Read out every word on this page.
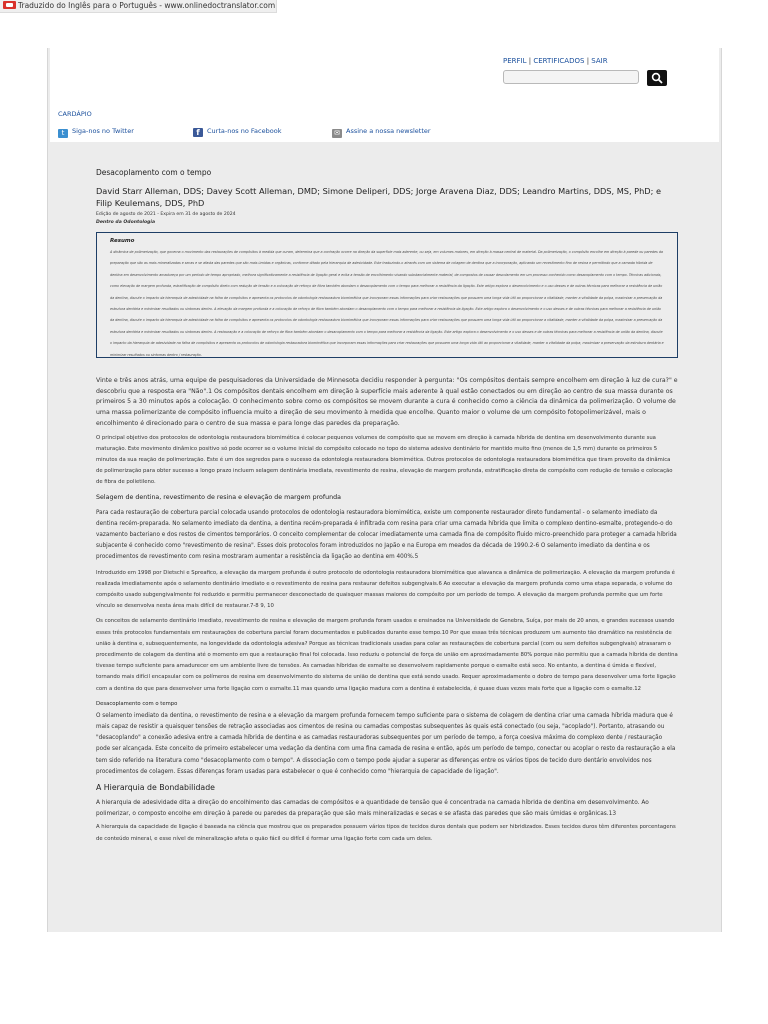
Traduzido do Inglês para o Português - www.onlinedoctranslator.com
PERFIL | CERTIFICADOS | SAIR
CARDÁPIO
t Siga-nos no Twitter	f Curta-nos no Facebook	✉ Assine a nossa newsletter
Desacoplamento com o tempo
David Starr Alleman, DDS; Davey Scott Alleman, DMD; Simone Deliperi, DDS; Jorge Aravena Diaz, DDS; Leandro Martins, DDS, MS, PhD; e Filip Keulemans, DDS, PhD
Edição de agosto de 2021 - Expira em 31 de agosto de 2024
Dentro da Odontologia
Resumo

A dinâmica de polimerização, que governa o movimento das restaurações de compósitos à medida que curam, determina que a contração ocorre na direção da superfície mais aderente, ou seja, em volumes maiores, em direção à massa central de material. Da polimerização, o compósito encolhe em direção à parede ou paredes da preparação que são as mais mineralizadas e secas e se afasta das paredes que são mais úmidas e orgânicas, conforme ditado pela hierarquia de adesividade. Este traduzindo-o através com um sistema de colagem de dentina que a incorporação, aplicando um revestimento fino de resina e permitindo que a camada híbrida de dentina em desenvolvimento amadureça por um período de tempo apropriado, melhora significativamente a resistência de ligação geral e evita a tensão de encolhimento visando substancialmente material, de compostos de causar descolamento em um processo conhecido como desacoplamento com o tempo. Técnicas adicionais, como elevação de margem profunda, estratificação de compósito direto com redução de tensão e a colocação de reforço de fibra também abordam o desacoplamento com o tempo para melhorar a resistência da ligação. Este artigo explora o desenvolvimento e o uso desses e de outras técnicas para melhorar a resistência de união da dentina, discute o impacto da hierarquia de adesividade na falha de compósitos e apresenta os protocolos de odontologia restauradora biomimética que incorporam essas informações para criar restaurações que possuem uma longa vida útil ao proporcionar a vitalidade, manter a vitalidade da polpa, maximizar a preservação da estrutura dentária e minimizar resultados ou sintomas dentro. A elevação da margem profunda e a colocação de reforço de fibra também abordam o desacoplamento com o tempo para melhorar a resistência da ligação. Este artigo explora o desenvolvimento e o uso desses e de outras técnicas para melhorar a resistência de união da dentina, discute o impacto da hierarquia de adesividade na falha de compósitos e apresenta os protocolos de odontologia restauradora biomimética que incorporam essas informações para criar restaurações que possuem uma longa vida útil ao proporcionar a vitalidade, manter a vitalidade da polpa, maximizar a preservação da estrutura dentária e minimizar resultados ou sintomas dentro. A restauração e a colocação de reforço de fibra também abordam o desacoplamento com o tempo para melhorar a resistência da ligação. Este artigo explora o desenvolvimento e o uso desses e de outras técnicas para melhorar a resistência de união da dentina, discute o impacto da hierarquia de adesividade na falha de compósitos e apresenta os protocolos de odontologia restauradora biomimética que incorporam essas informações para criar restaurações que possuem uma longa vida útil ao proporcionar a vitalidade, manter a vitalidade da polpa, maximizar a preservação da estrutura dentária e minimizar resultados ou sintomas dentro / restauração.

Vinte e três anos atrás, uma equipe de pesquisadores da Universidade de Minnesota decidiu responder à pergunta: "Os compósitos dentais sempre encolhem em direção à luz de cura?" e descobriu que a resposta era "Não".1 Os compósitos dentais encolhem em direção à superfície mais aderente à qual estão conectados ou em direção ao centro de sua massa durante os primeiros 5 a 30 minutos após a colocação. O conhecimento sobre como os compósitos se movem durante a cura é conhecido como a ciência da dinâmica da polimerização. O volume de uma massa polimerizante de compósito influencia muito a direção de seu movimento à medida que encolhe. Quanto maior o volume de um compósito fotopolimerizável, mais o encolhimento é direcionado para o centro de sua massa e para longe das paredes da preparação.

O principal objetivo dos protocolos de odontologia restauradora biomimética é colocar pequenos volumes de compósito que se movem em direção à camada híbrida de dentina em desenvolvimento durante sua maturação. Este movimento dinâmico positivo só pode ocorrer se o volume inicial do compósito colocado no topo do sistema adesivo dentinário for mantido muito fino (menos de 1,5 mm) durante os primeiros 5 minutos da sua reação de polimerização. Este é um dos segredos para o sucesso da odontologia restauradora biomimética. Outros protocolos de odontologia restauradora biomimética que tiram proveito da dinâmica de polimerização para obter sucesso a longo prazo incluem selagem dentinária imediata, revestimento de resina, elevação de margem profunda, estratificação direta de compósito com redução de tensão e colocação de fibra de polietileno.

Selagem de dentina, revestimento de resina e elevação de margem profunda

Para cada restauração de cobertura parcial colocada usando protocolos de odontologia restauradora biomimética, existe um componente restaurador direto fundamental - o selamento imediato da dentina recém-preparada. No selamento imediato da dentina, a dentina recém-preparada é infiltrada com resina para criar uma camada híbrida que limita o complexo dentino-esmalte, protegendo-o do vazamento bacteriano e dos restos de cimentos temporários. O conceito complementar de colocar imediatamente uma camada fina de compósito fluido micro-preenchido para proteger a camada híbrida subjacente é conhecido como "revestimento de resina". Esses dois protocolos foram introduzidos no Japão e na Europa em meados da década de 1990.2-6 O selamento imediato da dentina e os procedimentos de revestimento com resina mostraram aumentar a resistência da ligação ao dentina em 400%.5

Introduzido em 1998 por Dietschi e Spreafico, a elevação da margem profunda é outro protocolo de odontologia restauradora biomimética que alavanca a dinâmica de polimerização. A elevação da margem profunda é realizada imediatamente após o selamento dentinário imediato e o revestimento de resina para restaurar defeitos subgengivais.6 Ao executar a elevação da margem profunda como uma etapa separada, o volume do compósito usado subgengivalmente foi reduzido e permitiu permanecer desconectado de quaisquer massas maiores do compósito por um período de tempo. A elevação da margem profunda permite que um forte vínculo se desenvolva nesta área mais difícil de restaurar.7-8 9, 10

Os conceitos de selamento dentinário imediato, revestimento de resina e elevação de margem profunda foram usados e ensinados na Universidade de Genebra, Suíça, por mais de 20 anos, e grandes sucessos usando esses três protocolos fundamentais em restaurações de cobertura parcial foram documentados e publicados durante esse tempo.10 Por que essas três técnicas produzem um aumento tão dramático na resistência de união à dentina e, subsequentemente, na longevidade da odontologia adesiva? Porque as técnicas tradicionais usadas para colar as restaurações de cobertura parcial (com ou sem defeitos subgengivais) atrasaram o procedimento de colagem da dentina até o momento em que a restauração final foi colocada. Isso reduziu o potencial de força de união em aproximadamente 80% porque não permitiu que a camada híbrida de dentina tivesse tempo suficiente para amadurecer em um ambiente livre de tensões. As camadas híbridas de esmalte se desenvolvem rapidamente porque o esmalte está seco. No entanto, a dentina é úmida e flexível, tornando mais difícil encapsular com os polímeros de resina em desenvolvimento do sistema de união de dentina que está sendo usado. Requer aproximadamente o dobro de tempo para desenvolver uma forte ligação com a dentina do que para desenvolver uma forte ligação com o esmalte.11 mas quando uma ligação madura com a dentina é estabelecida, é quase duas vezes mais forte que a ligação com o esmalte.12

Desacoplamento com o tempo

O selamento imediato da dentina, o revestimento de resina e a elevação da margem profunda fornecem tempo suficiente para o sistema de colagem de dentina criar uma camada híbrida madura que é mais capaz de resistir a quaisquer tensões de retração associadas aos cimentos de resina ou camadas compostas subsequentes às quais está conectado (ou seja, "acoplado"). Portanto, atrasando ou "desacoplando" a conexão adesiva entre a camada híbrida de dentina e as camadas restauradoras subsequentes por um período de tempo, a força coesiva máxima do complexo dente / restauração pode ser alcançada. Este conceito de primeiro estabelecer uma vedação da dentina com uma fina camada de resina e então, após um período de tempo, conectar ou acoplar o resto da restauração a ela tem sido referido na literatura como "desacoplamento com o tempo". A dissociação com o tempo pode ajudar a superar as diferenças entre os vários tipos de tecido duro dentário envolvidos nos procedimentos de colagem. Essas diferenças foram usadas para estabelecer o que é conhecido como "hierarquia de capacidade de ligação".

A Hierarquia de Bondabilidade

A hierarquia de adesividade dita a direção do encolhimento das camadas de compósitos e a quantidade de tensão que é concentrada na camada híbrida de dentina em desenvolvimento. Ao polimerizar, o composto encolhe em direção à parede ou paredes da preparação que são mais mineralizadas e secas e se afasta das paredes que são mais úmidas e orgânicas.13

A hierarquia da capacidade de ligação é baseada na ciência que mostrou que os preparados possuem vários tipos de tecidos duros dentais que podem ser hibridizados. Esses tecidos duros têm diferentes porcentagens de conteúdo mineral, e esse nível de mineralização afeta o quão fácil ou difícil é formar uma ligação forte com cada um deles.
